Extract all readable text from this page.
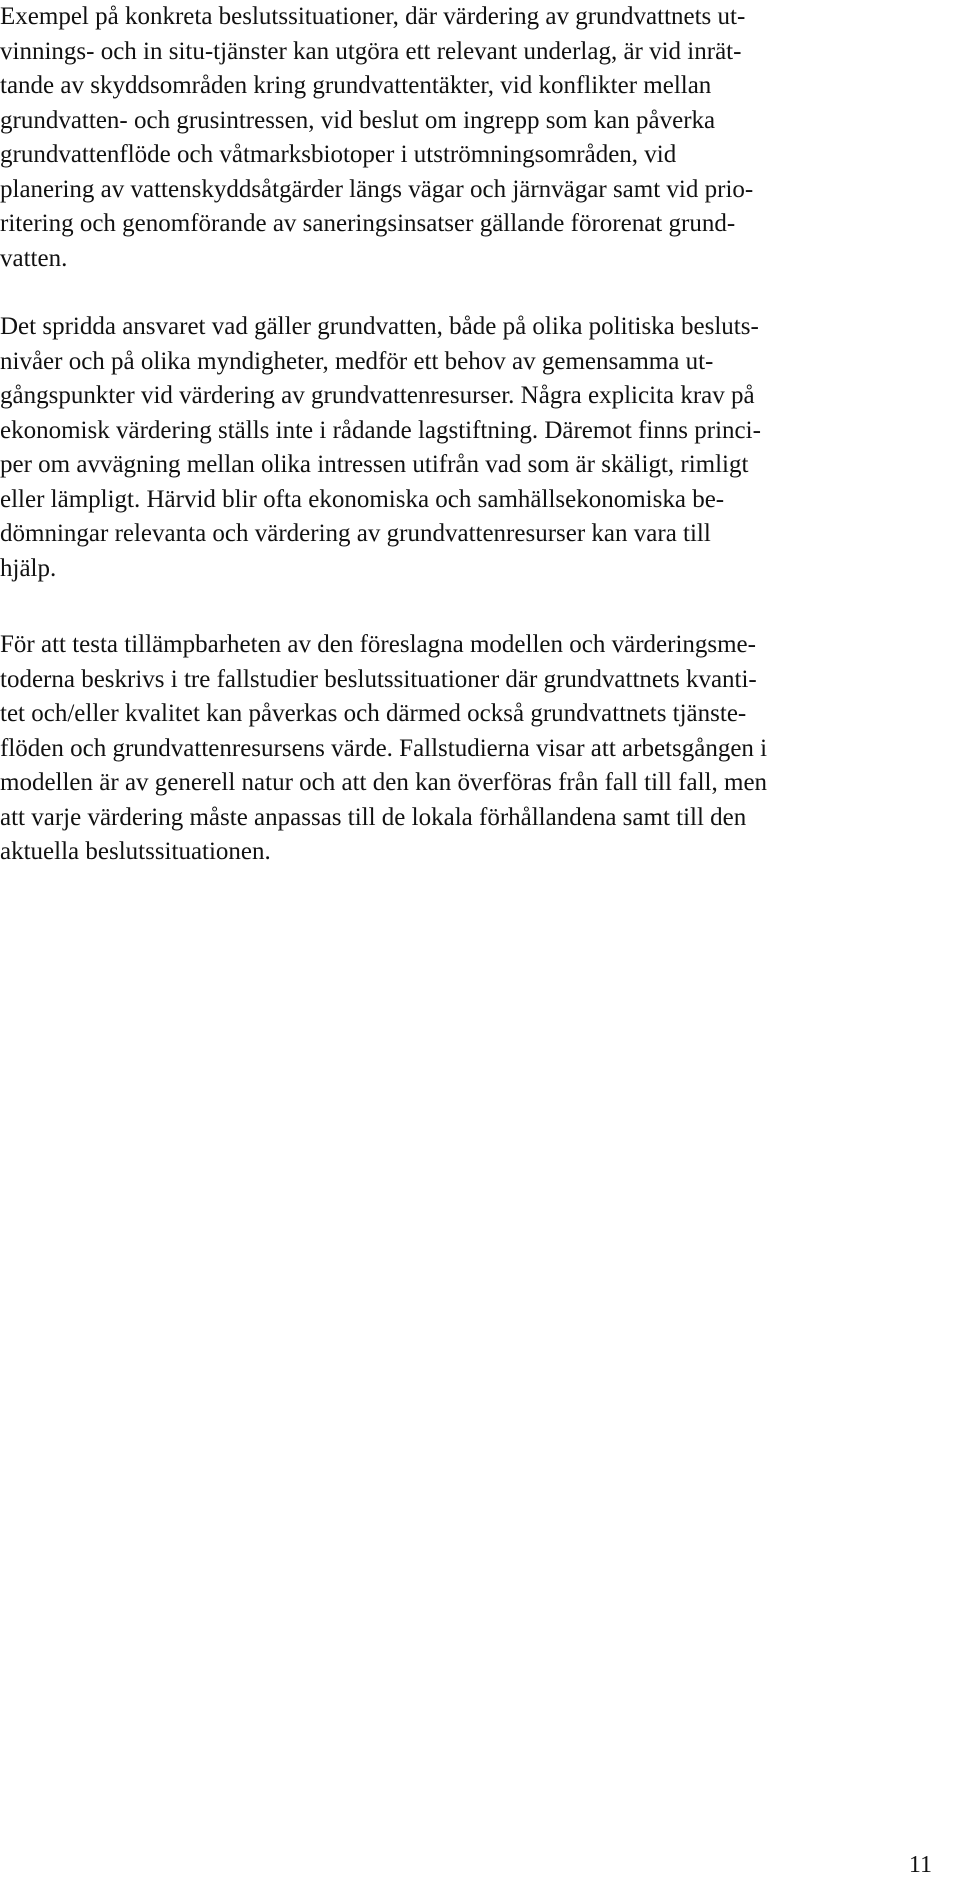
Exempel på konkreta beslutssituationer, där värdering av grundvattnets ut-
vinnings- och in situ-tjänster kan utgöra ett relevant underlag, är vid inrät-
tande av skyddsområden kring grundvattentäkter, vid konflikter mellan
grundvatten- och grusintressen, vid beslut om ingrepp som kan påverka
grundvattenflöde och våtmarksbiotoper i utströmningsområden, vid
planering av vattenskyddsåtgärder längs vägar och järnvägar samt vid prio-
ritering och genomförande av saneringsinsatser gällande förorenat grund-
vatten.
Det spridda ansvaret vad gäller grundvatten, både på olika politiska besluts-
nivåer och på olika myndigheter, medför ett behov av gemensamma ut-
gångspunkter vid värdering av grundvattenresurser. Några explicita krav på
ekonomisk värdering ställs inte i rådande lagstiftning. Däremot finns princi-
per om avvägning mellan olika intressen utifrån vad som är skäligt, rimligt
eller lämpligt. Härvid blir ofta ekonomiska och samhällsekonomiska be-
dömningar relevanta och värdering av grundvattenresurser kan vara till
hjälp.
För att testa tillämpbarheten av den föreslagna modellen och värderingsme-
toderna beskrivs i tre fallstudier beslutssituationer där grundvattnets kvanti-
tet och/eller kvalitet kan påverkas och därmed också grundvattnets tjänste-
flöden och grundvattenresursens värde. Fallstudierna visar att arbetsgången i
modellen är av generell natur och att den kan överföras från fall till fall, men
att varje värdering måste anpassas till de lokala förhållandena samt till den
aktuella beslutssituationen.
11
